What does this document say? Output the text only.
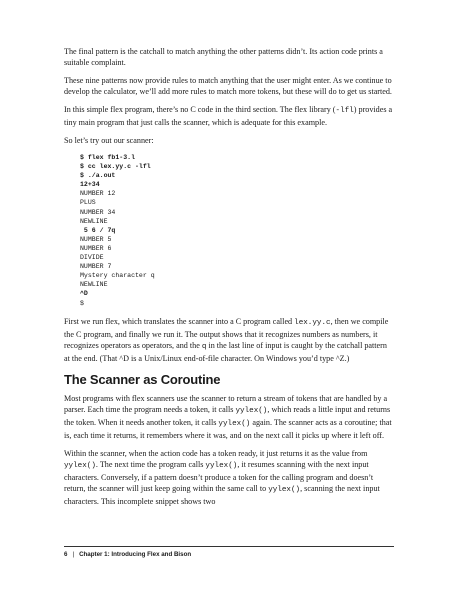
The final pattern is the catchall to match anything the other patterns didn’t. Its action code prints a suitable complaint.

These nine patterns now provide rules to match anything that the user might enter. As we continue to develop the calculator, we’ll add more rules to match more tokens, but these will do to get us started.

In this simple flex program, there’s no C code in the third section. The flex library (-lfl) provides a tiny main program that just calls the scanner, which is adequate for this example.

So let’s try out our scanner:

$ flex fb1-3.l
$ cc lex.yy.c -lfl
$ ./a.out
12+34
NUMBER 12
PLUS
NUMBER 34
NEWLINE
5 6 / 7q
NUMBER 5
NUMBER 6
DIVIDE
NUMBER 7
Mystery character q
NEWLINE
^D
$

First we run flex, which translates the scanner into a C program called lex.yy.c, then we compile the C program, and finally we run it. The output shows that it recognizes numbers as numbers, it recognizes operators as operators, and the q in the last line of input is caught by the catchall pattern at the end. (That ^D is a Unix/Linux end-of-file character. On Windows you’d type ^Z.)

The Scanner as Coroutine

Most programs with flex scanners use the scanner to return a stream of tokens that are handled by a parser. Each time the program needs a token, it calls yylex(), which reads a little input and returns the token. When it needs another token, it calls yylex() again. The scanner acts as a coroutine; that is, each time it returns, it remembers where it was, and on the next call it picks up where it left off.

Within the scanner, when the action code has a token ready, it just returns it as the value from yylex(). The next time the program calls yylex(), it resumes scanning with the next input characters. Conversely, if a pattern doesn’t produce a token for the calling program and doesn’t return, the scanner will just keep going within the same call to yylex(), scanning the next input characters. This incomplete snippet shows two

6 | Chapter 1: Introducing Flex and Bison
